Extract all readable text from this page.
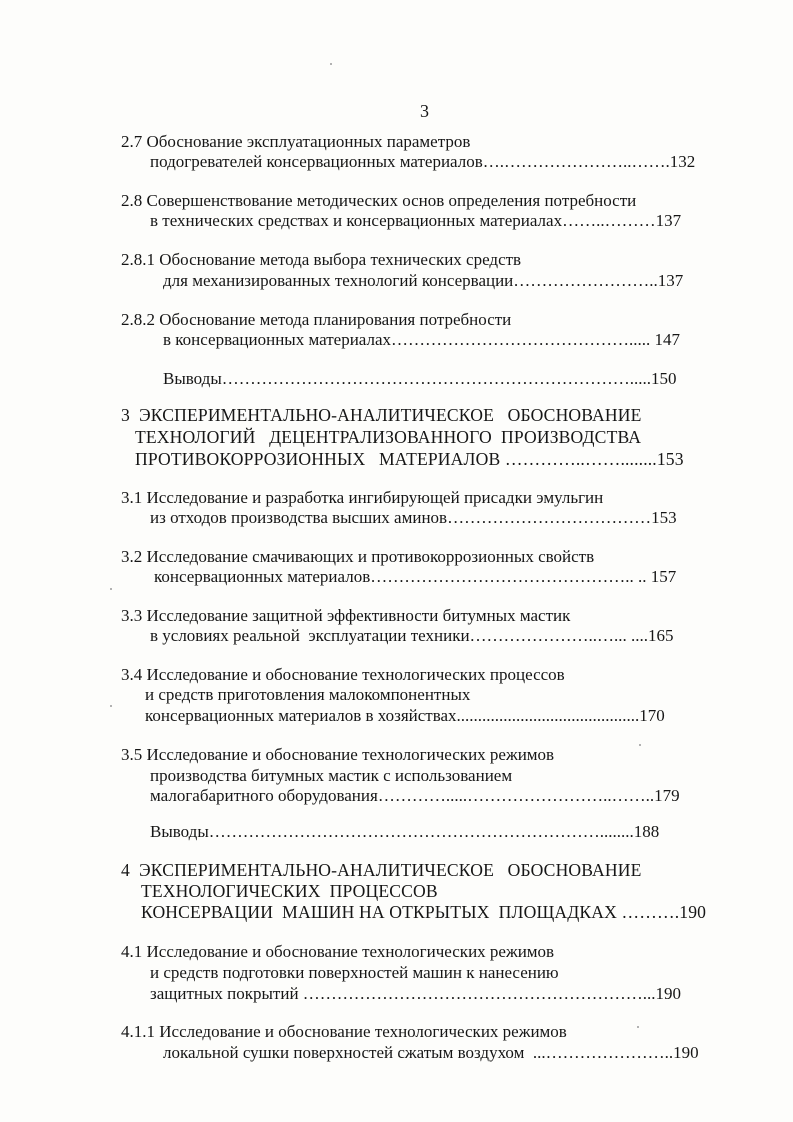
3
2.7 Обоснование эксплуатационных параметров
подогревателей консервационных материалов….…………………..…….132
2.8 Совершенствование методических основ определения потребности
в технических средствах и консервационных материалах……..………137
2.8.1 Обоснование метода выбора технических средств
для механизированных технологий консервации……………………..137
2.8.2 Обоснование метода планирования потребности
в консервационных материалах……………………………………..... 147
Выводы……………………………………………………………….....150
3  ЭКСПЕРИМЕНТАЛЬНО-АНАЛИТИЧЕСКОЕ   ОБОСНОВАНИЕ
ТЕХНОЛОГИЙ   ДЕЦЕНТРАЛИЗОВАННОГО  ПРОИЗВОДСТВА
ПРОТИВОКОРРОЗИОННЫХ   МАТЕРИАЛОВ …………..……........153
3.1 Исследование и разработка ингибирующей присадки эмульгин
из отходов производства высших аминов………………………………153
3.2 Исследование смачивающих и противокоррозионных свойств
консервационных материалов……………………………………….. .. 157
3.3 Исследование защитной эффективности битумных мастик
в условиях реальной  эксплуатации техники…………………..…... ....165
3.4 Исследование и обоснование технологических процессов
и средств приготовления малокомпонентных
консервационных материалов в хозяйствах...........................................170
3.5 Исследование и обоснование технологических режимов
производства битумных мастик с использованием
малогабаритного оборудования………….....……………………..……..179
Выводы……………………………………………………………........188
4  ЭКСПЕРИМЕНТАЛЬНО-АНАЛИТИЧЕСКОЕ   ОБОСНОВАНИЕ
ТЕХНОЛОГИЧЕСКИХ  ПРОЦЕССОВ
КОНСЕРВАЦИИ  МАШИН НА ОТКРЫТЫХ  ПЛОЩАДКАХ ……….190
4.1 Исследование и обоснование технологических режимов
и средств подготовки поверхностей машин к нанесению
защитных покрытий ……………………………………………………...190
4.1.1 Исследование и обоснование технологических режимов
локальной сушки поверхностей сжатым воздухом  ...…………………..190
